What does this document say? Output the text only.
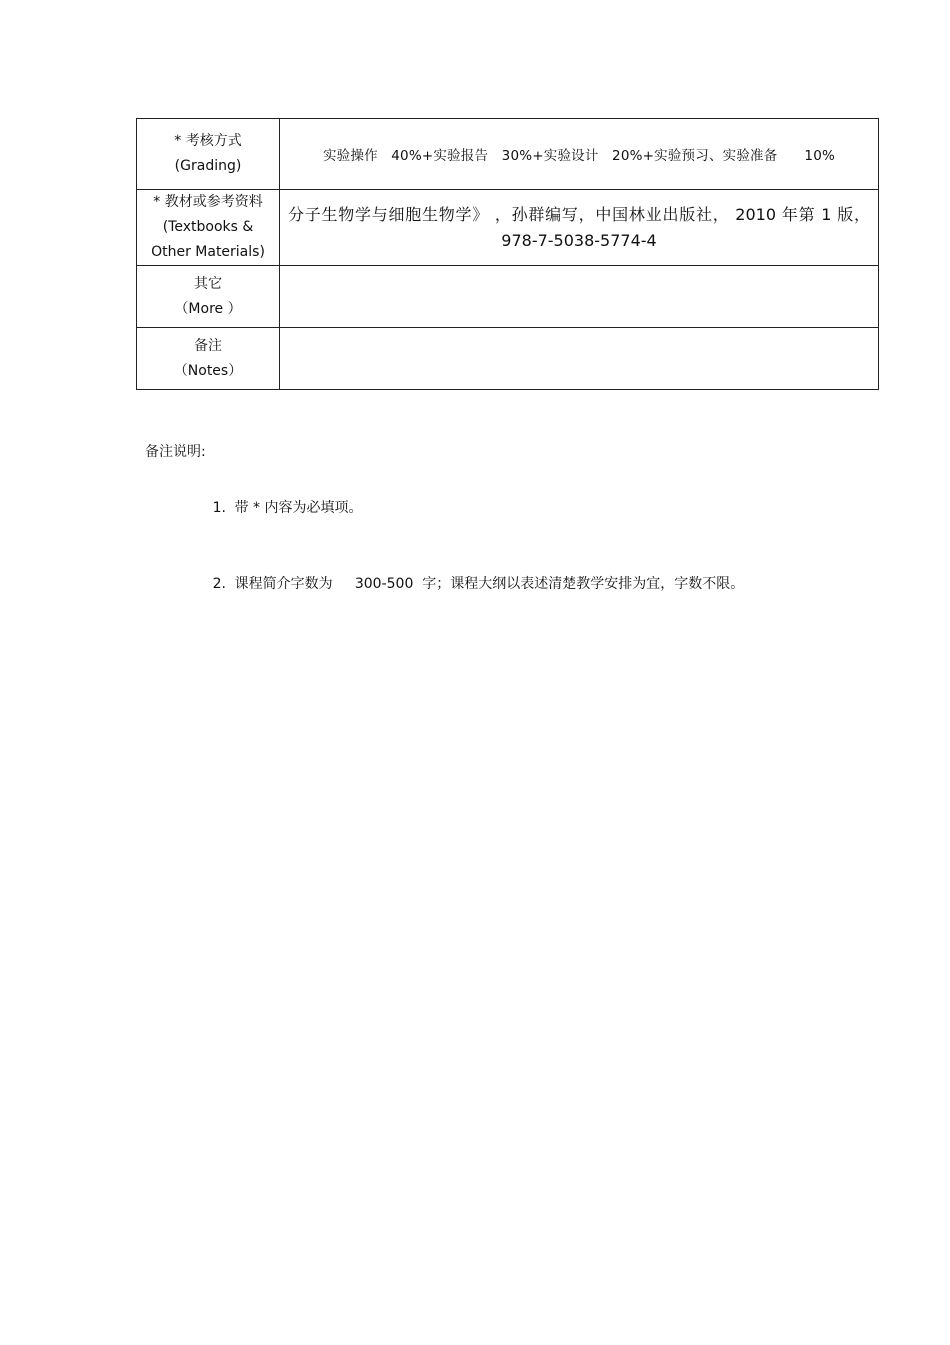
* 考核方式
(Grading)	实验操作   40%+实验报告   30%+实验设计   20%+实验预习、实验准备      10%

* 教材或参考资料
(Textbooks &
Other Materials)	分子生物学与细胞生物学》 ，孙群编写，中国林业出版社， 2010 年第 1 版，978-7-5038-5774-4

其它
（More ）	

备注
（Notes）	

备注说明:

1. 带 * 内容为必填项。

2. 课程简介字数为     300-500  字；课程大纲以表述清楚教学安排为宜，字数不限。
